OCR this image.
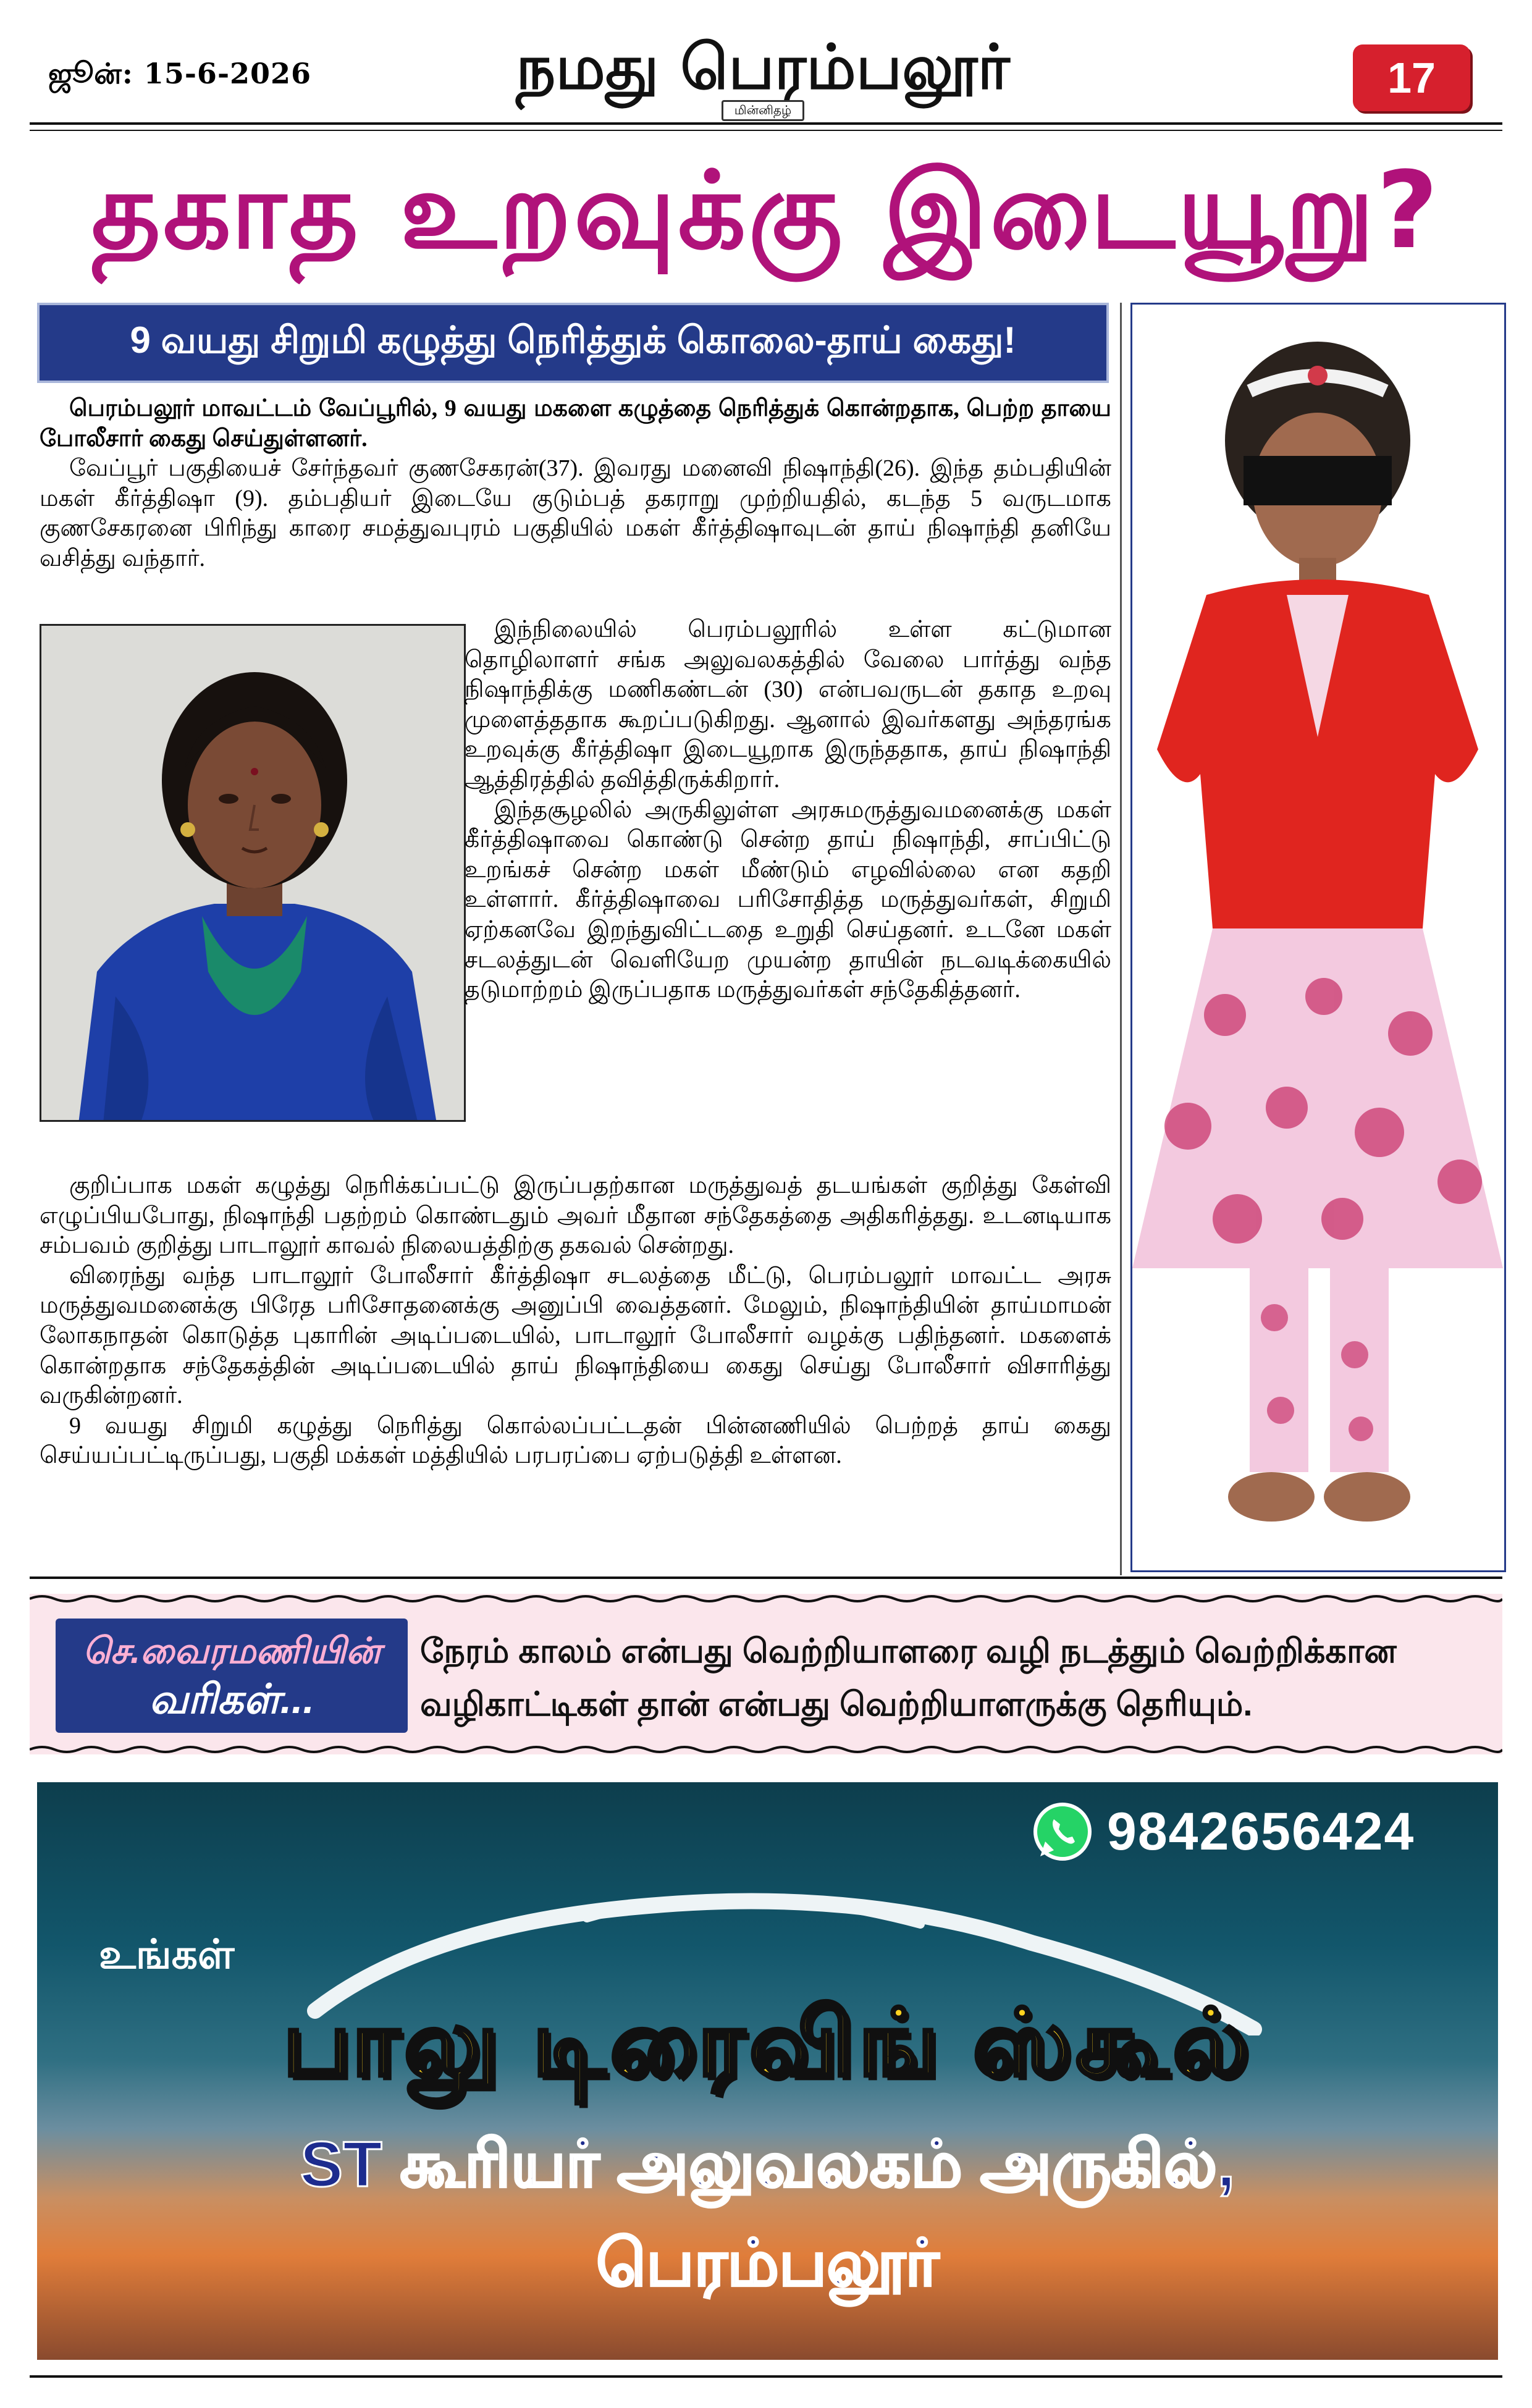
ஜூன்: 15-6-2026	நமது பெரம்பலூர்
மின்னிதழ்
17
தகாத உறவுக்கு இடையூறு?
9 வயது சிறுமி கழுத்து நெரித்துக் கொலை-தாய் கைது!

பெரம்பலூர் மாவட்டம் வேப்பூரில், 9 வயது மகளை கழுத்தை நெரித்துக் கொன்றதாக, பெற்ற தாயை போலீசார் கைது செய்துள்ளனர்.

வேப்பூர் பகுதியைச் சேர்ந்தவர் குணசேகரன்(37). இவரது மனைவி நிஷாந்தி(26). இந்த தம்பதியின் மகள் கீர்த்திஷா (9). தம்பதியர் இடையே குடும்பத் தகராறு முற்றியதில், கடந்த 5 வருடமாக குணசேகரனை பிரிந்து காரை சமத்துவபுரம் பகுதியில் மகள் கீர்த்திஷாவுடன் தாய் நிஷாந்தி தனியே வசித்து வந்தார்.

இந்நிலையில் பெரம்பலூரில் உள்ள கட்டுமான தொழிலாளர் சங்க அலுவலகத்தில் வேலை பார்த்து வந்த நிஷாந்திக்கு மணிகண்டன் (30) என்பவருடன் தகாத உறவு முளைத்ததாக கூறப்படுகிறது. ஆனால் இவர்களது அந்தரங்க உறவுக்கு கீர்த்திஷா இடையூறாக இருந்ததாக, தாய் நிஷாந்தி ஆத்திரத்தில் தவித்திருக்கிறார்.

இந்தசூழலில் அருகிலுள்ள அரசுமருத்துவமனைக்கு மகள் கீர்த்திஷாவை கொண்டு சென்ற தாய் நிஷாந்தி, சாப்பிட்டு உறங்கச் சென்ற மகள் மீண்டும் எழவில்லை என கதறி உள்ளார். கீர்த்திஷாவை பரிசோதித்த மருத்துவர்கள், சிறுமி ஏற்கனவே இறந்துவிட்டதை உறுதி செய்தனர். உடனே மகள் சடலத்துடன் வெளியேற முயன்ற தாயின் நடவடிக்கையில் தடுமாற்றம் இருப்பதாக மருத்துவர்கள் சந்தேகித்தனர்.

குறிப்பாக மகள் கழுத்து நெரிக்கப்பட்டு இருப்பதற்கான மருத்துவத் தடயங்கள் குறித்து கேள்வி எழுப்பியபோது, நிஷாந்தி பதற்றம் கொண்டதும் அவர் மீதான சந்தேகத்தை அதிகரித்தது. உடனடியாக சம்பவம் குறித்து பாடாலூர் காவல் நிலையத்திற்கு தகவல் சென்றது.

விரைந்து வந்த பாடாலூர் போலீசார் கீர்த்திஷா சடலத்தை மீட்டு, பெரம்பலூர் மாவட்ட அரசு மருத்துவமனைக்கு பிரேத பரிசோதனைக்கு அனுப்பி வைத்தனர். மேலும், நிஷாந்தியின் தாய்மாமன் லோகநாதன் கொடுத்த புகாரின் அடிப்படையில், பாடாலூர் போலீசார் வழக்கு பதிந்தனர். மகளைக் கொன்றதாக சந்தேகத்தின் அடிப்படையில் தாய் நிஷாந்தியை கைது செய்து போலீசார் விசாரித்து வருகின்றனர்.

9 வயது சிறுமி கழுத்து நெரித்து கொல்லப்பட்டதன் பின்னணியில் பெற்றத் தாய் கைது செய்யப்பட்டிருப்பது, பகுதி மக்கள் மத்தியில் பரபரப்பை ஏற்படுத்தி உள்ளன.

செ.வைரமணியின்
வரிகள்...
நேரம் காலம் என்பது வெற்றியாளரை வழி நடத்தும் வெற்றிக்கான வழிகாட்டிகள் தான் என்பது வெற்றியாளருக்கு தெரியும்.
9842656424
உங்கள்
பாலு டிரைவிங் ஸ்கூல்
ST கூரியர் அலுவலகம் அருகில்,
பெரம்பலூர்
